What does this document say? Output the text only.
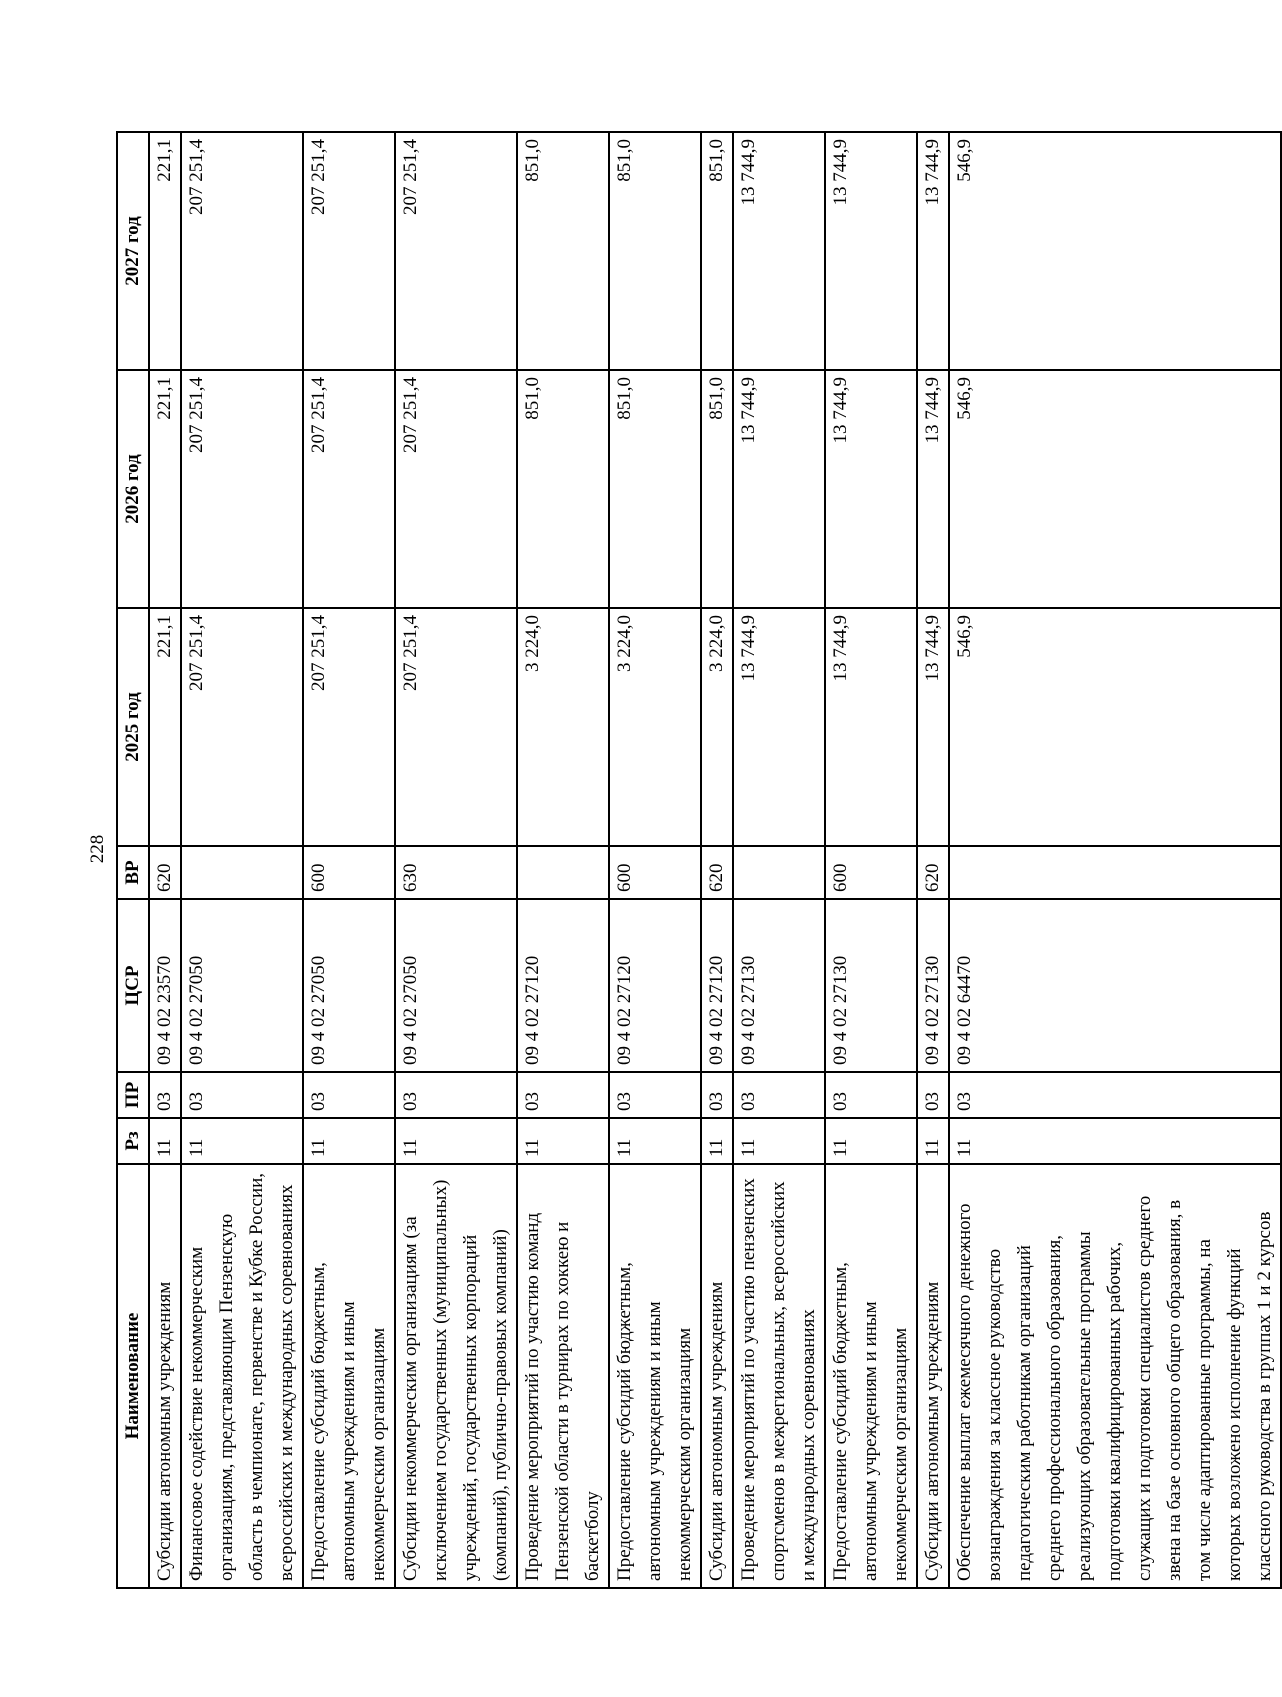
228
Наименование	Рз	ПР	ЦСР	ВР	2025 год	2026 год	2027 год
Субсидии автономным учреждениям	11	03	09 4 02 23570	620	221,1	221,1	221,1
Финансовое содействие некоммерческим организациям, представляющим Пензенскую область в чемпионате, первенстве и Кубке России, всероссийских и международных соревнованиях	11	03	09 4 02 27050		207 251,4	207 251,4	207 251,4
Предоставление субсидий бюджетным, автономным учреждениям и иным некоммерческим организациям	11	03	09 4 02 27050	600	207 251,4	207 251,4	207 251,4
Субсидии некоммерческим организациям (за исключением государственных (муниципальных) учреждений, государственных корпораций (компаний), публично-правовых компаний)	11	03	09 4 02 27050	630	207 251,4	207 251,4	207 251,4
Проведение мероприятий по участию команд Пензенской области в турнирах по хоккею и баскетболу	11	03	09 4 02 27120		3 224,0	851,0	851,0
Предоставление субсидий бюджетным, автономным учреждениям и иным некоммерческим организациям	11	03	09 4 02 27120	600	3 224,0	851,0	851,0
Субсидии автономным учреждениям	11	03	09 4 02 27120	620	3 224,0	851,0	851,0
Проведение мероприятий по участию пензенских спортсменов в межрегиональных, всероссийских и международных соревнованиях	11	03	09 4 02 27130		13 744,9	13 744,9	13 744,9
Предоставление субсидий бюджетным, автономным учреждениям и иным некоммерческим организациям	11	03	09 4 02 27130	600	13 744,9	13 744,9	13 744,9
Субсидии автономным учреждениям	11	03	09 4 02 27130	620	13 744,9	13 744,9	13 744,9
Обеспечение выплат ежемесячного денежного вознаграждения за классное руководство педагогическим работникам организаций среднего профессионального образования, реализующих образовательные программы подготовки квалифицированных рабочих, служащих и подготовки специалистов среднего звена на базе основного общего образования, в том числе адаптированные программы, на которых возложено исполнение функций классного руководства в группах 1 и 2 курсов	11	03	09 4 02 64470		546,9	546,9	546,9
